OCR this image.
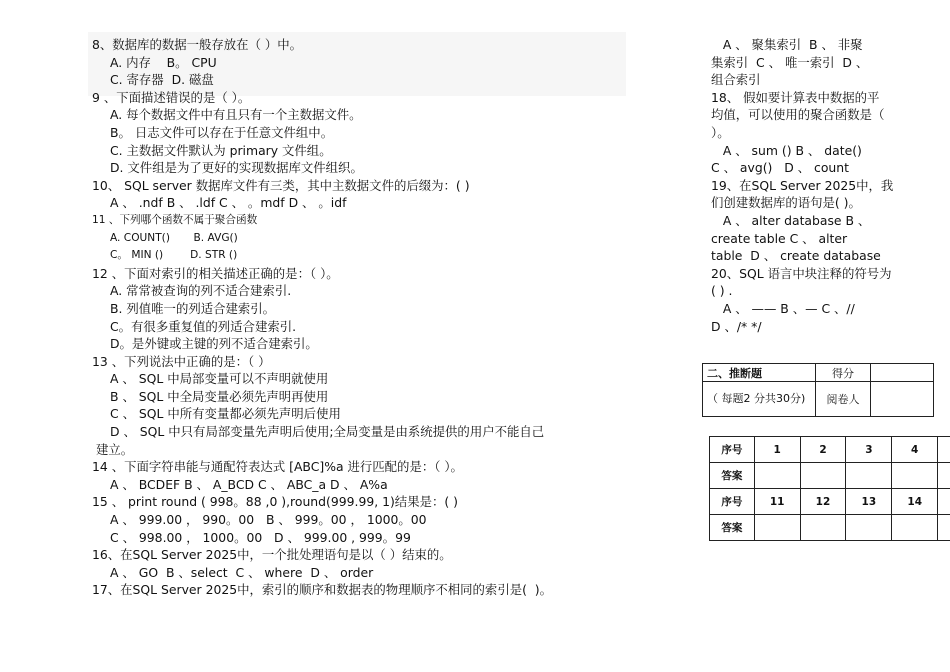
8、数据库的数据一般存放在（ ）中。
A. 内存    B。 CPU
C. 寄存器  D. 磁盘
9 、下面描述错误的是（ ）。
A. 每个数据文件中有且只有一个主数据文件。
B。 日志文件可以存在于任意文件组中。
C. 主数据文件默认为 primary 文件组。
D. 文件组是为了更好的实现数据库文件组织。
10、 SQL server 数据库文件有三类，其中主数据文件的后缀为：( )
A 、 .ndf B 、 .ldf C 、 。mdf D 、 。idf
11 、下列哪个函数不属于聚合函数
A. COUNT()       B. AVG()
C。 MIN ()        D. STR ()
12 、下面对索引的相关描述正确的是：（ ）。
A. 常常被查询的列不适合建索引.
B. 列值唯一的列适合建索引。
C。有很多重复值的列适合建索引.
D。是外键或主键的列不适合建索引。
13 、下列说法中正确的是：（ ）
A 、 SQL 中局部变量可以不声明就使用
B 、 SQL 中全局变量必须先声明再使用
C 、 SQL 中所有变量都必须先声明后使用
D 、 SQL 中只有局部变量先声明后使用;全局变量是由系统提供的用户不能自己
建立。
14 、下面字符串能与通配符表达式 [ABC]%a 进行匹配的是：（ ）。
A 、 BCDEF B 、 A_BCD C 、 ABC_a D 、 A%a
15 、 print round ( 998。88 ,0 ),round(999.99, 1)结果是：( )
A 、 999.00 ， 990。00   B 、 999。00 ， 1000。00
C 、 998.00 ， 1000。00   D 、 999.00 , 999。99
16、在SQL Server 2025中，一个批处理语句是以（ ）结束的。
A 、 GO  B 、select  C 、 where  D 、 order
17、在SQL Server 2025中，索引的顺序和数据表的物理顺序不相同的索引是(  )。
A 、 聚集索引  B 、 非聚
集索引  C 、 唯一索引  D 、
组合索引
18、 假如要计算表中数据的平
均值，可以使用的聚合函数是（
）。
A 、 sum () B 、 date()
C 、 avg()   D 、 count
19、在SQL Server 2025中，我
们创建数据库的语句是( )。
A 、 alter database B 、
create table C 、 alter
table  D 、 create database
20、SQL 语言中块注释的符号为
( ) .
A 、 —— B 、— C 、//
D 、/* */
二、推断题	得分	
（ 每题2 分共30分)	阅卷人	
序号	1	2	3	4	
答案					
序号	11	12	13	14	
答案					
